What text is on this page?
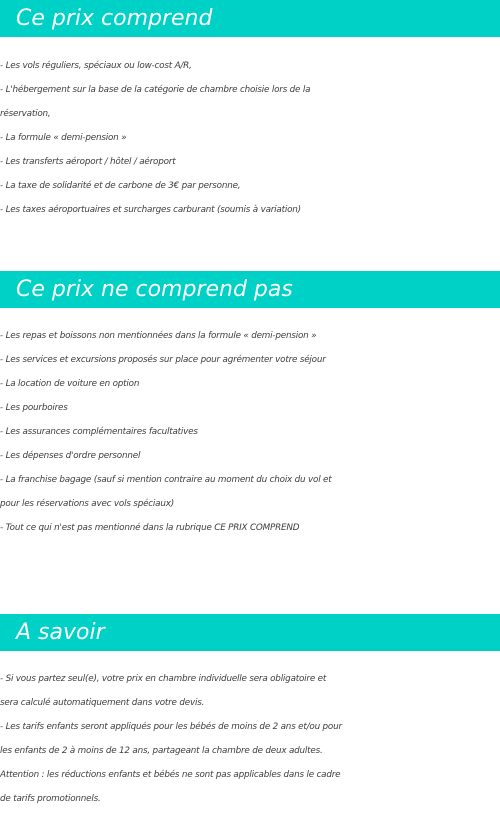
Ce prix comprend
- Les vols réguliers, spéciaux ou low-cost A/R,
- L'hébergement sur la base de la catégorie de chambre choisie lors de la
réservation,
- La formule « demi-pension »
- Les transferts aéroport / hôtel / aéroport
- La taxe de solidarité et de carbone de 3€ par personne,
- Les taxes aéroportuaires et surcharges carburant (soumis à variation)
Ce prix ne comprend pas
- Les repas et boissons non mentionnées dans la formule « demi-pension »
- Les services et excursions proposés sur place pour agrémenter votre séjour
- La location de voiture en option
- Les pourboires
- Les assurances complémentaires facultatives
- Les dépenses d'ordre personnel
- La franchise bagage (sauf si mention contraire au moment du choix du vol et
pour les réservations avec vols spéciaux)
- Tout ce qui n'est pas mentionné dans la rubrique CE PRIX COMPREND
A savoir
- Si vous partez seul(e), votre prix en chambre individuelle sera obligatoire et
sera calculé automatiquement dans votre devis.
- Les tarifs enfants seront appliqués pour les bébés de moins de 2 ans et/ou pour
les enfants de 2 à moins de 12 ans, partageant la chambre de deux adultes.
Attention : les réductions enfants et bébés ne sont pas applicables dans le cadre
de tarifs promotionnels.
